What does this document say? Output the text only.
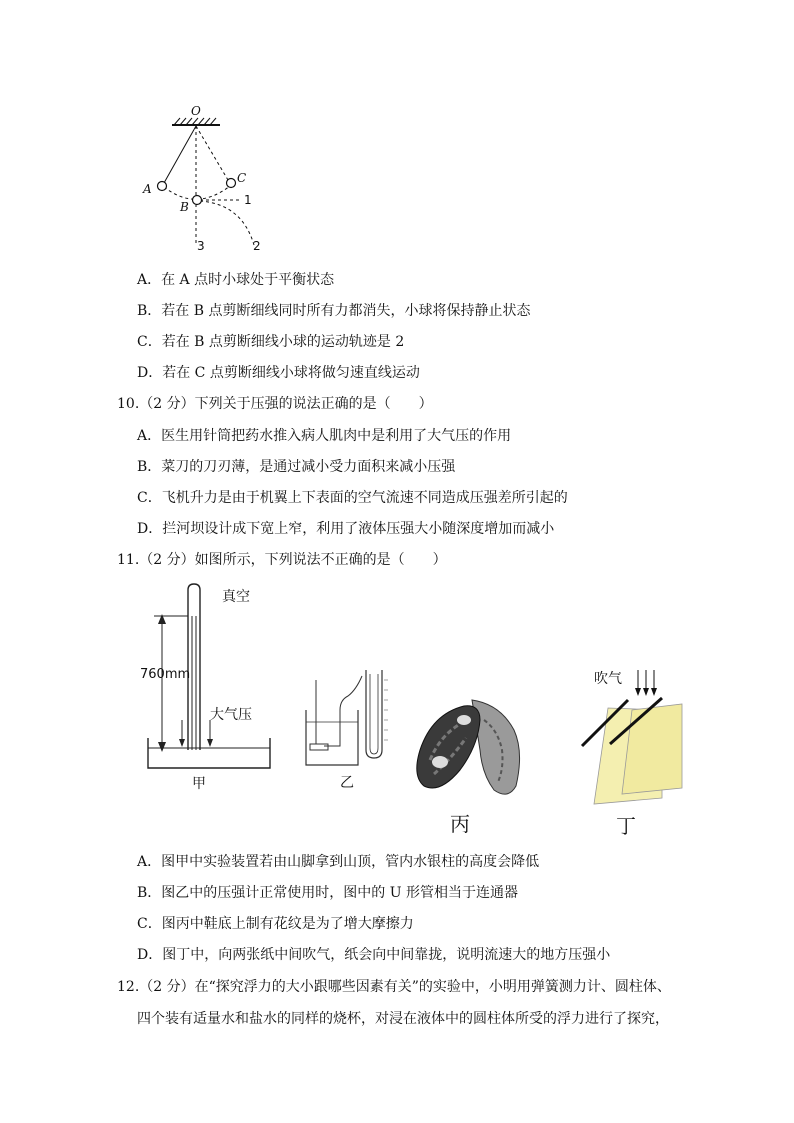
O
A
B
C
1
2
3
A．在 A 点时小球处于平衡状态
B．若在 B 点剪断细线同时所有力都消失，小球将保持静止状态
C．若在 B 点剪断细线小球的运动轨迹是 2
D．若在 C 点剪断细线小球将做匀速直线运动
10.（2 分）下列关于压强的说法正确的是（　　）
A．医生用针筒把药水推入病人肌肉中是利用了大气压的作用
B．菜刀的刀刃薄，是通过减小受力面积来减小压强
C．飞机升力是由于机翼上下表面的空气流速不同造成压强差所引起的
D．拦河坝设计成下宽上窄，利用了液体压强大小随深度增加而减小
11.（2 分）如图所示，下列说法不正确的是（　　）
真空
760mm
大气压
甲	乙
丙
吹气
丁
A．图甲中实验装置若由山脚拿到山顶，管内水银柱的高度会降低
B．图乙中的压强计正常使用时，图中的 U 形管相当于连通器
C．图丙中鞋底上制有花纹是为了增大摩擦力
D．图丁中，向两张纸中间吹气，纸会向中间靠拢，说明流速大的地方压强小
12.（2 分）在“探究浮力的大小跟哪些因素有关”的实验中，小明用弹簧测力计、圆柱体、
四个装有适量水和盐水的同样的烧杯，对浸在液体中的圆柱体所受的浮力进行了探究，
